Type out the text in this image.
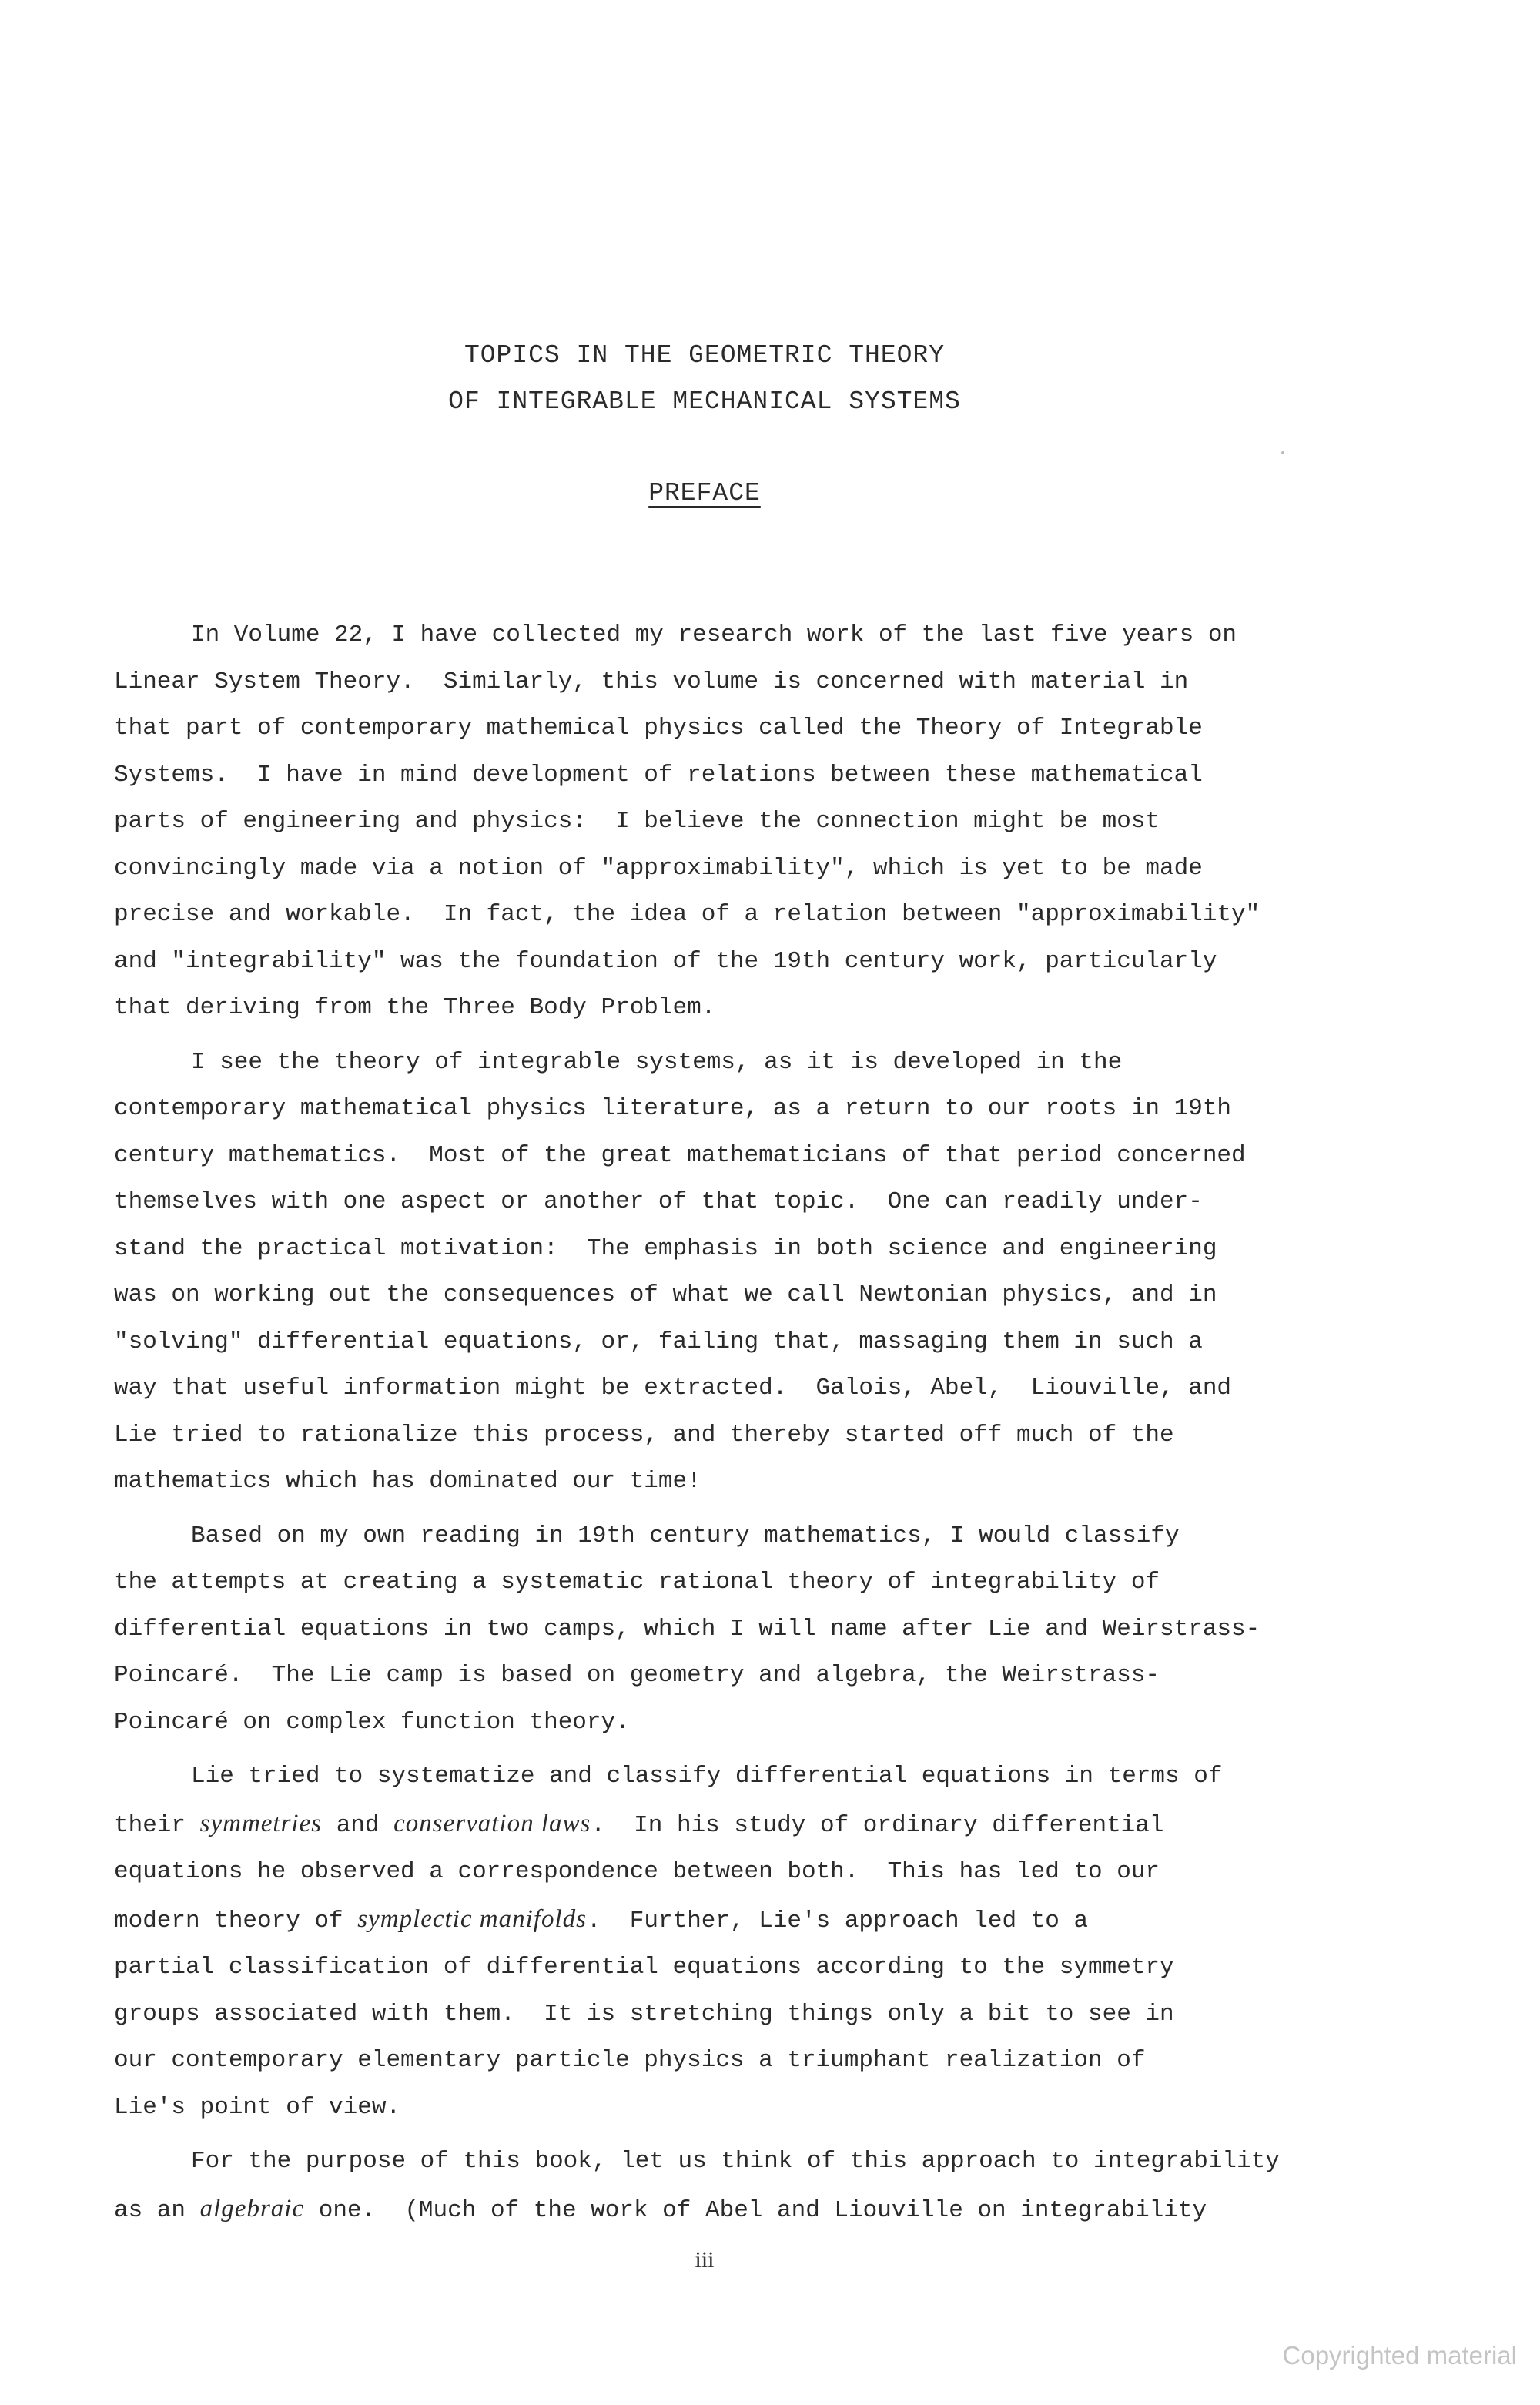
TOPICS IN THE GEOMETRIC THEORY
OF INTEGRABLE MECHANICAL SYSTEMS
PREFACE
In Volume 22, I have collected my research work of the last five years on
Linear System Theory.  Similarly, this volume is concerned with material in
that part of contemporary mathemical physics called the Theory of Integrable
Systems.  I have in mind development of relations between these mathematical
parts of engineering and physics:  I believe the connection might be most
convincingly made via a notion of "approximability", which is yet to be made
precise and workable.  In fact, the idea of a relation between "approximability"
and "integrability" was the foundation of the 19th century work, particularly
that deriving from the Three Body Problem.
I see the theory of integrable systems, as it is developed in the
contemporary mathematical physics literature, as a return to our roots in 19th
century mathematics.  Most of the great mathematicians of that period concerned
themselves with one aspect or another of that topic.  One can readily under-
stand the practical motivation:  The emphasis in both science and engineering
was on working out the consequences of what we call Newtonian physics, and in
"solving" differential equations, or, failing that, massaging them in such a
way that useful information might be extracted.  Galois, Abel,  Liouville, and
Lie tried to rationalize this process, and thereby started off much of the
mathematics which has dominated our time!
Based on my own reading in 19th century mathematics, I would classify
the attempts at creating a systematic rational theory of integrability of
differential equations in two camps, which I will name after Lie and Weirstrass-
Poincaré.  The Lie camp is based on geometry and algebra, the Weirstrass-
Poincaré on complex function theory.
Lie tried to systematize and classify differential equations in terms of
their symmetries and conservation laws.  In his study of ordinary differential
equations he observed a correspondence between both.  This has led to our
modern theory of symplectic manifolds.  Further, Lie's approach led to a
partial classification of differential equations according to the symmetry
groups associated with them.  It is stretching things only a bit to see in
our contemporary elementary particle physics a triumphant realization of
Lie's point of view.
For the purpose of this book, let us think of this approach to integrability
as an algebraic one.  (Much of the work of Abel and Liouville on integrability
iii
Copyrighted material
